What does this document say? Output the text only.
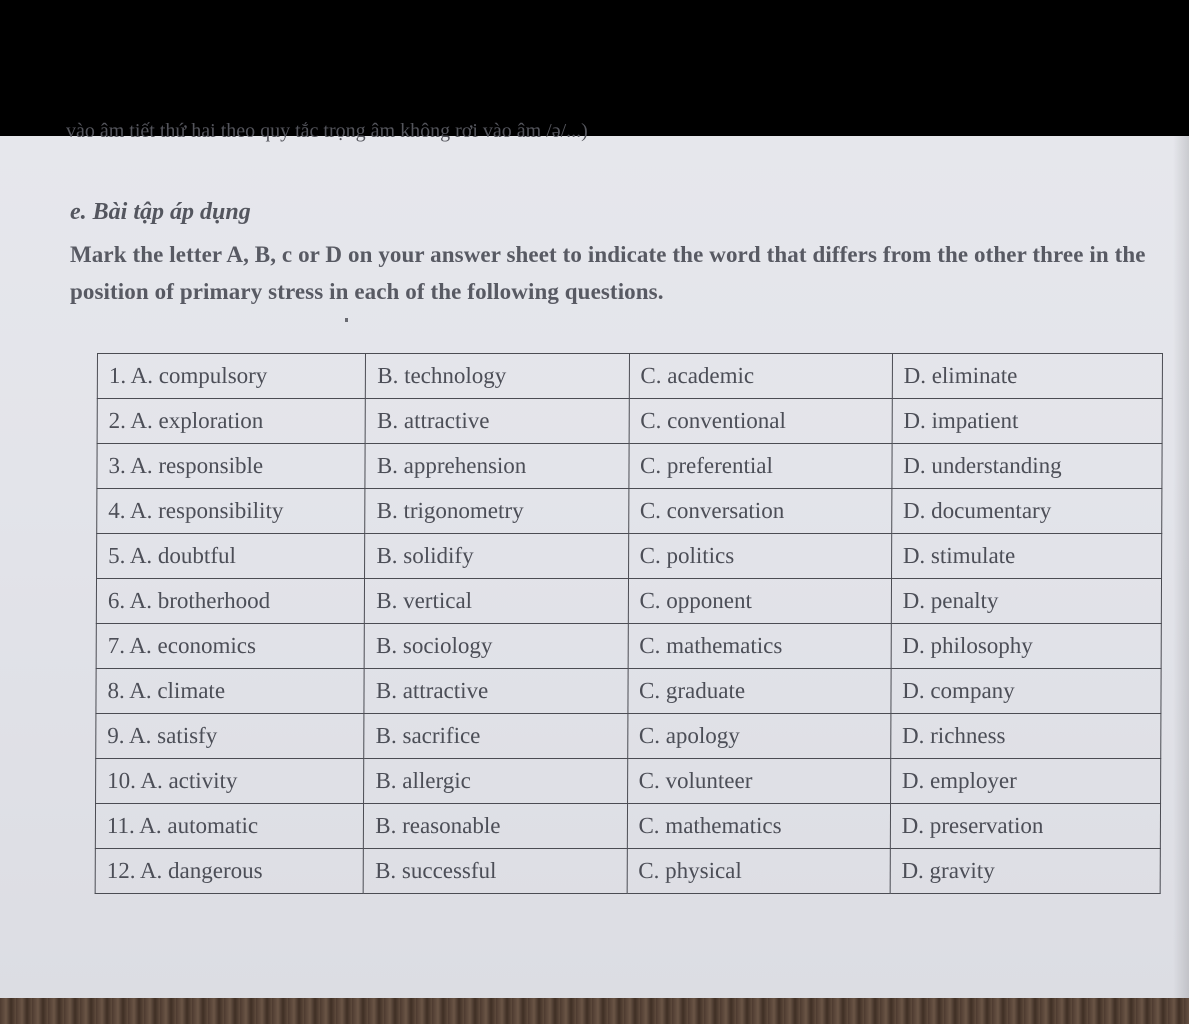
vào âm tiết thứ hai theo quy tắc trọng âm không rơi vào âm /ə/...)
e. Bài tập áp dụng
Mark the letter A, B, c or D on your answer sheet to indicate the word that differs from the other three in the position of primary stress in each of the following questions.
1. A. compulsory	B. technology	C. academic	D. eliminate
2. A. exploration	B. attractive	C. conventional	D. impatient
3. A. responsible	B. apprehension	C. preferential	D. understanding
4. A. responsibility	B. trigonometry	C. conversation	D. documentary
5. A. doubtful	B. solidify	C. politics	D. stimulate
6. A. brotherhood	B. vertical	C. opponent	D. penalty
7. A. economics	B. sociology	C. mathematics	D. philosophy
8. A. climate	B. attractive	C. graduate	D. company
9. A. satisfy	B. sacrifice	C. apology	D. richness
10. A. activity	B. allergic	C. volunteer	D. employer
11. A. automatic	B. reasonable	C. mathematics	D. preservation
12. A. dangerous	B. successful	C. physical	D. gravity
